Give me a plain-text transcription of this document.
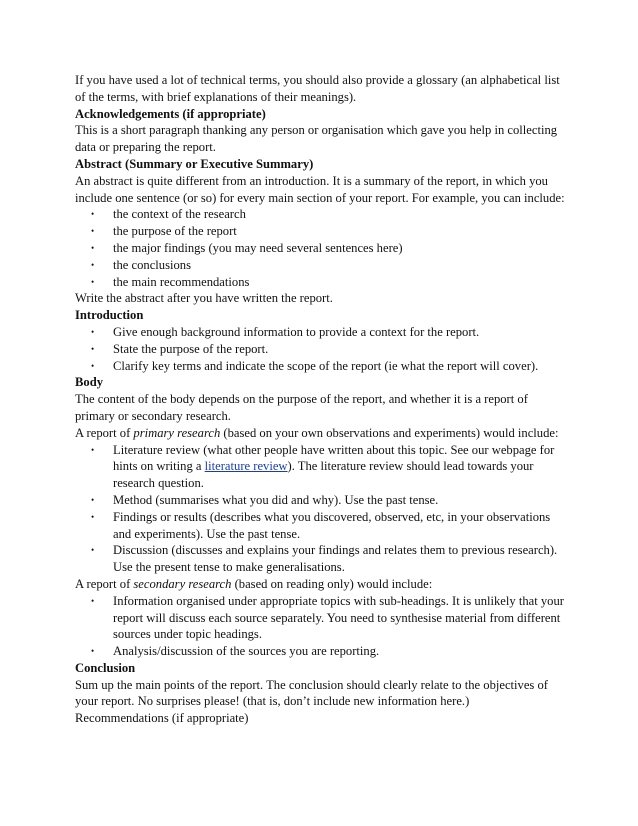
If you have used a lot of technical terms, you should also provide a glossary (an alphabetical list of the terms, with brief explanations of their meanings).

Acknowledgements (if appropriate)

This is a short paragraph thanking any person or organisation which gave you help in collecting data or preparing the report.

Abstract (Summary or Executive Summary)

An abstract is quite different from an introduction. It is a summary of the report, in which you include one sentence (or so) for every main section of your report. For example, you can include:

• the context of the research
• the purpose of the report
• the major findings (you may need several sentences here)
• the conclusions
• the main recommendations

Write the abstract after you have written the report.

Introduction

• Give enough background information to provide a context for the report.
• State the purpose of the report.
• Clarify key terms and indicate the scope of the report (ie what the report will cover).

Body

The content of the body depends on the purpose of the report, and whether it is a report of primary or secondary research.

A report of primary research (based on your own observations and experiments) would include:

• Literature review (what other people have written about this topic. See our webpage for hints on writing a literature review). The literature review should lead towards your research question.
• Method (summarises what you did and why). Use the past tense.
• Findings or results (describes what you discovered, observed, etc, in your observations and experiments). Use the past tense.
• Discussion (discusses and explains your findings and relates them to previous research). Use the present tense to make generalisations.

A report of secondary research (based on reading only) would include:

• Information organised under appropriate topics with sub-headings. It is unlikely that your report will discuss each source separately. You need to synthesise material from different sources under topic headings.
• Analysis/discussion of the sources you are reporting.

Conclusion

Sum up the main points of the report. The conclusion should clearly relate to the objectives of your report. No surprises please! (that is, don’t include new information here.)

Recommendations (if appropriate)
